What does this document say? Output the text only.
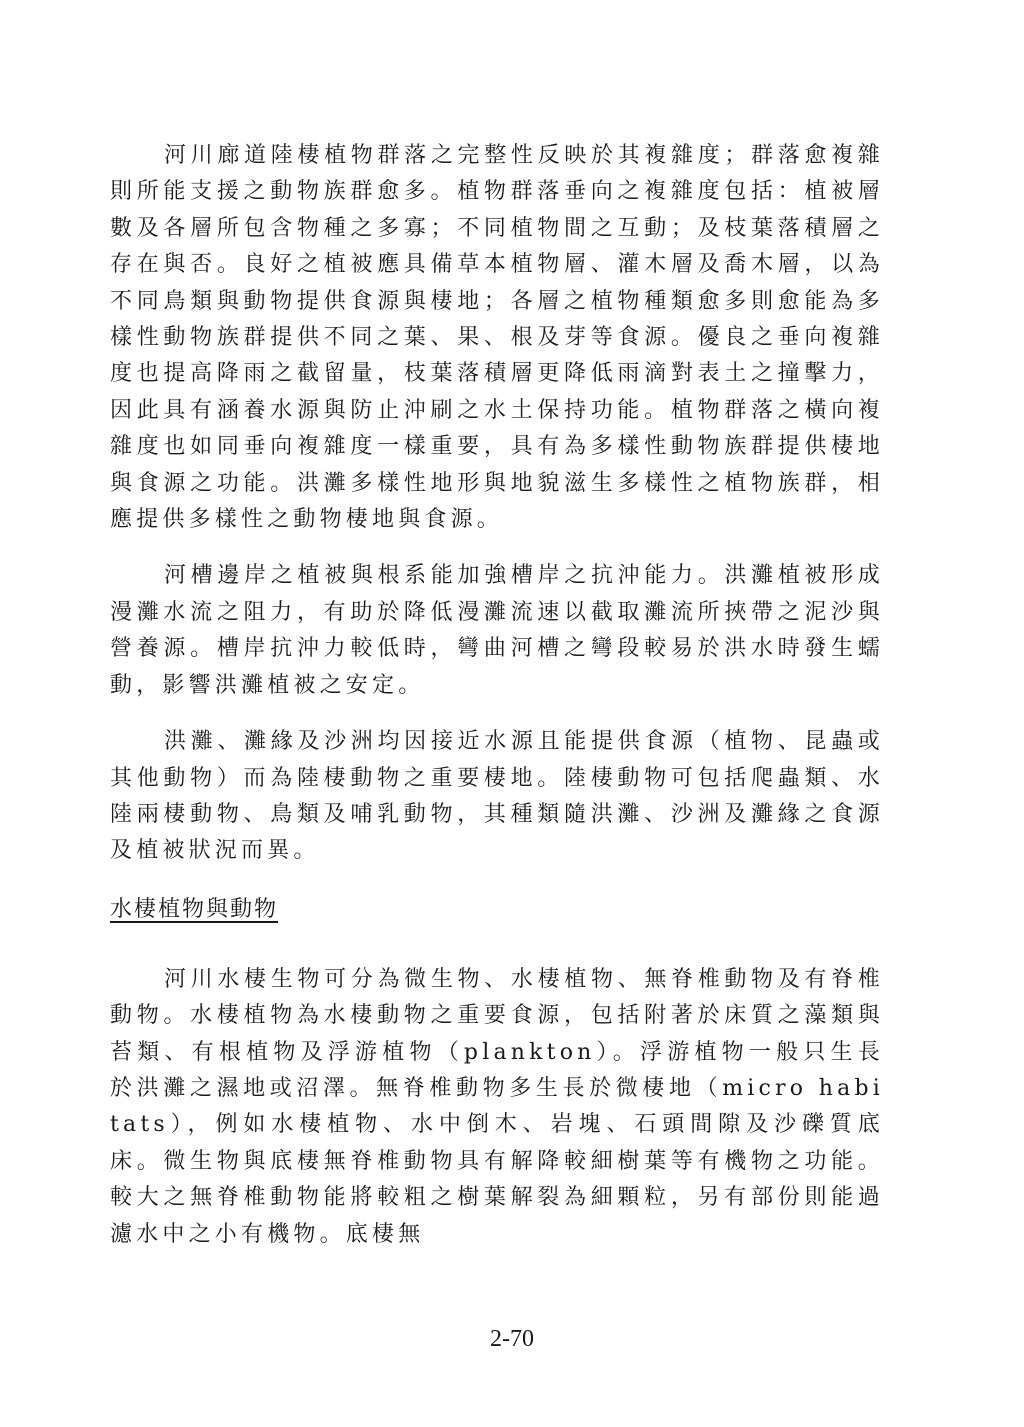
河川廊道陸棲植物群落之完整性反映於其複雜度；群落愈複雜則所能支援之動物族群愈多。植物群落垂向之複雜度包括：植被層數及各層所包含物種之多寡；不同植物間之互動；及枝葉落積層之存在與否。良好之植被應具備草本植物層、灌木層及喬木層，以為不同鳥類與動物提供食源與棲地；各層之植物種類愈多則愈能為多樣性動物族群提供不同之葉、果、根及芽等食源。優良之垂向複雜度也提高降雨之截留量，枝葉落積層更降低雨滴對表土之撞擊力，因此具有涵養水源與防止沖刷之水土保持功能。植物群落之橫向複雜度也如同垂向複雜度一樣重要，具有為多樣性動物族群提供棲地與食源之功能。洪灘多樣性地形與地貌滋生多樣性之植物族群，相應提供多樣性之動物棲地與食源。

河槽邊岸之植被與根系能加強槽岸之抗沖能力。洪灘植被形成漫灘水流之阻力，有助於降低漫灘流速以截取灘流所挾帶之泥沙與營養源。槽岸抗沖力較低時，彎曲河槽之彎段較易於洪水時發生蠕動，影響洪灘植被之安定。

洪灘、灘緣及沙洲均因接近水源且能提供食源（植物、昆蟲或其他動物）而為陸棲動物之重要棲地。陸棲動物可包括爬蟲類、水陸兩棲動物、鳥類及哺乳動物，其種類隨洪灘、沙洲及灘緣之食源及植被狀況而異。

水棲植物與動物

河川水棲生物可分為微生物、水棲植物、無脊椎動物及有脊椎動物。水棲植物為水棲動物之重要食源，包括附著於床質之藻類與苔類、有根植物及浮游植物（plankton）。浮游植物一般只生長於洪灘之濕地或沼澤。無脊椎動物多生長於微棲地（micro habitats），例如水棲植物、水中倒木、岩塊、石頭間隙及沙礫質底床。微生物與底棲無脊椎動物具有解降較細樹葉等有機物之功能。較大之無脊椎動物能將較粗之樹葉解裂為細顆粒，另有部份則能過濾水中之小有機物。底棲無

2-70
